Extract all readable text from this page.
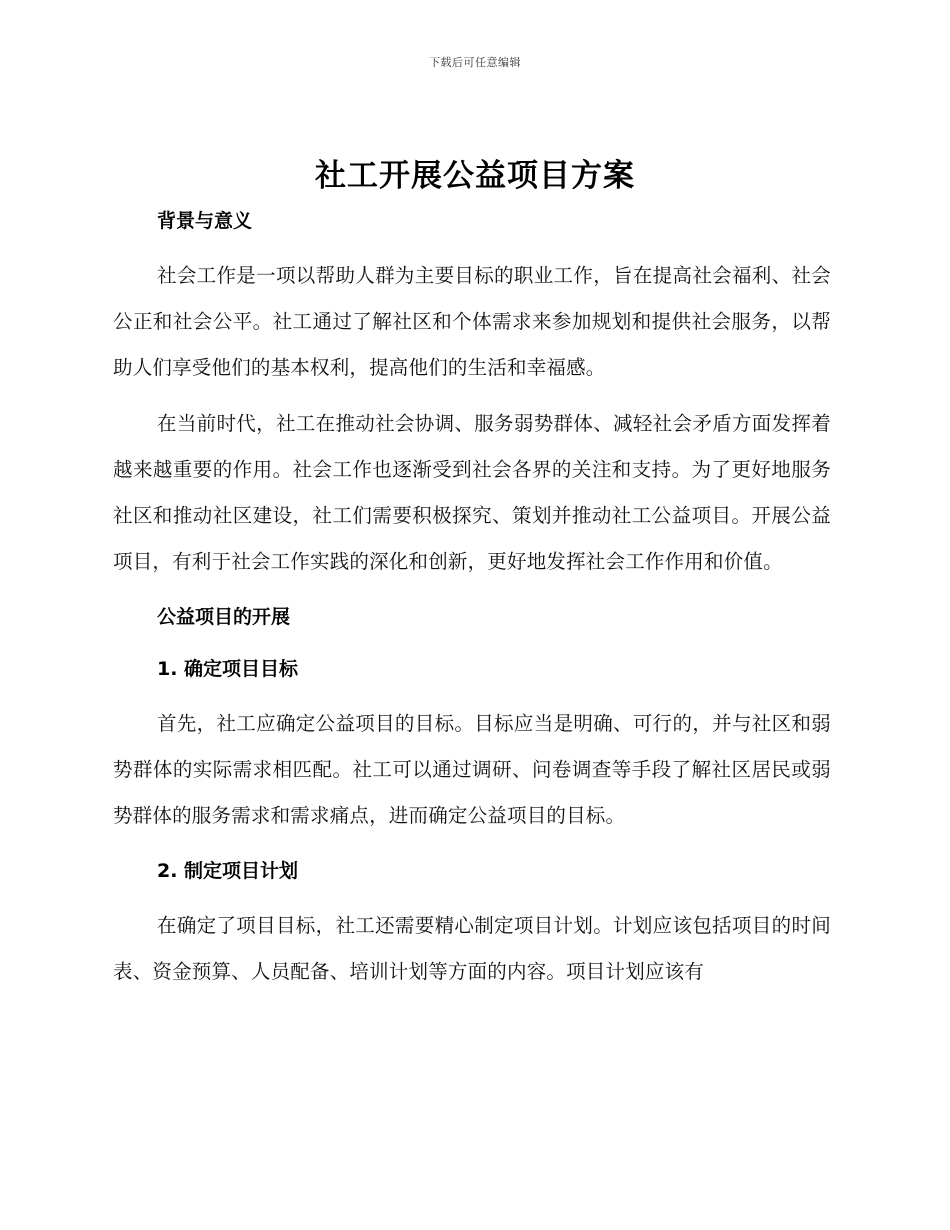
下载后可任意编辑
社工开展公益项目方案
背景与意义

社会工作是一项以帮助人群为主要目标的职业工作，旨在提高社会福利、社会公正和社会公平。社工通过了解社区和个体需求来参加规划和提供社会服务，以帮助人们享受他们的基本权利，提高他们的生活和幸福感。

在当前时代，社工在推动社会协调、服务弱势群体、减轻社会矛盾方面发挥着越来越重要的作用。社会工作也逐渐受到社会各界的关注和支持。为了更好地服务社区和推动社区建设，社工们需要积极探究、策划并推动社工公益项目。开展公益项目，有利于社会工作实践的深化和创新，更好地发挥社会工作作用和价值。

公益项目的开展
1. 确定项目目标

首先，社工应确定公益项目的目标。目标应当是明确、可行的，并与社区和弱势群体的实际需求相匹配。社工可以通过调研、问卷调查等手段了解社区居民或弱势群体的服务需求和需求痛点，进而确定公益项目的目标。

2. 制定项目计划

在确定了项目目标，社工还需要精心制定项目计划。计划应该包括项目的时间表、资金预算、人员配备、培训计划等方面的内容。项目计划应该有
